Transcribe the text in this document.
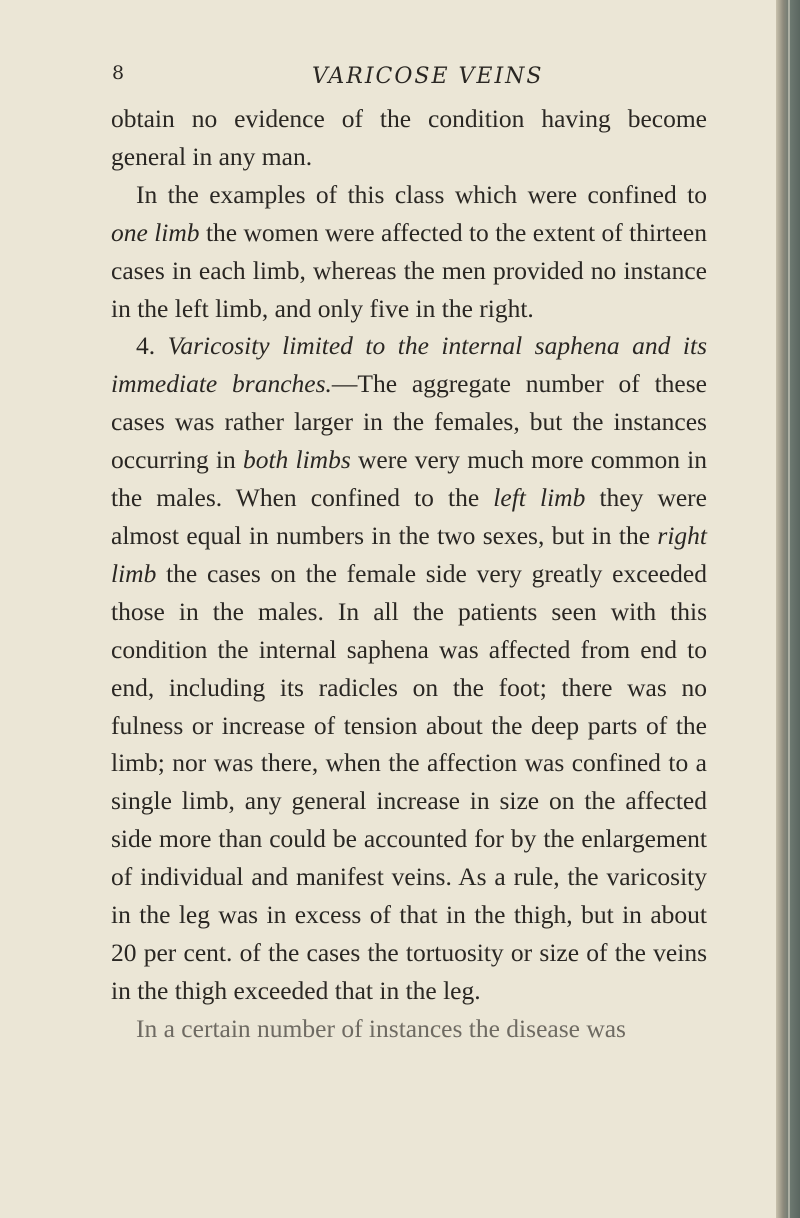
8	VARICOSE VEINS

obtain no evidence of the condition having become general in any man.

In the examples of this class which were confined to one limb the women were affected to the extent of thirteen cases in each limb, whereas the men provided no instance in the left limb, and only five in the right.

4. Varicosity limited to the internal saphena and its immediate branches.—The aggregate number of these cases was rather larger in the females, but the instances occurring in both limbs were very much more common in the males. When confined to the left limb they were almost equal in numbers in the two sexes, but in the right limb the cases on the female side very greatly exceeded those in the males. In all the patients seen with this condition the internal saphena was affected from end to end, including its radicles on the foot; there was no fulness or increase of tension about the deep parts of the limb; nor was there, when the affection was confined to a single limb, any general increase in size on the affected side more than could be accounted for by the enlargement of individual and manifest veins. As a rule, the varicosity in the leg was in excess of that in the thigh, but in about 20 per cent. of the cases the tortuosity or size of the veins in the thigh exceeded that in the leg.

In a certain number of instances the disease was
